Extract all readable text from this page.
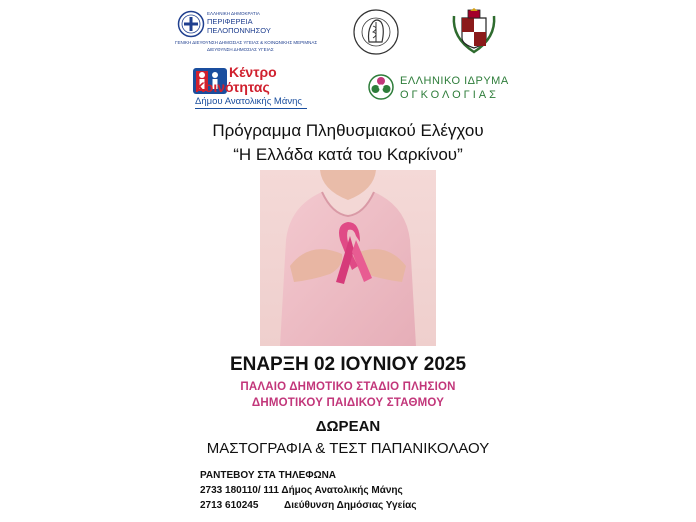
ΕΛΛΗΝΙΚΗ ΔΗΜΟΚΡΑΤΙΑ
ΠΕΡΙΦΕΡΕΙΑ
ΠΕΛΟΠΟΝΝΗΣΟΥ
ΓΕΝΙΚΗ ΔΙΕΥΘΥΝΣΗ ΔΗΜΟΣΙΑΣ ΥΓΕΙΑΣ & ΚΟΙΝΩΝΙΚΗΣ ΜΕΡΙΜΝΑΣ
ΔΙΕΥΘΥΝΣΗ ΔΗΜΟΣΙΑΣ ΥΓΕΙΑΣ
Κέντρο
Κοινότητας
Δήμου Ανατολικής Μάνης
ΕΛΛΗΝΙΚΟ ΙΔΡΥΜΑ
ΟΓΚΟΛΟΓΙΑΣ
Πρόγραμμα Πληθυσμιακού Ελέγχου
“Η Ελλάδα κατά του Καρκίνου”
ΕΝΑΡΞΗ 02 ΙΟΥΝΙΟΥ 2025
ΠΑΛΑΙΟ ΔΗΜΟΤΙΚΟ ΣΤΑΔΙΟ ΠΛΗΣΙΟΝ
ΔΗΜΟΤΙΚΟΥ ΠΑΙΔΙΚΟΥ ΣΤΑΘΜΟΥ
ΔΩΡΕΑΝ
ΜΑΣΤΟΓΡΑΦΙΑ & ΤΕΣΤ ΠΑΠΑΝΙΚΟΛΑΟΥ
ΡΑΝΤΕΒΟΥ ΣΤΑ ΤΗΛΕΦΩΝΑ
2733 180110/ 111 Δήμος Ανατολικής Μάνης
2713 610245	Διεύθυνση Δημόσιας Υγείας
